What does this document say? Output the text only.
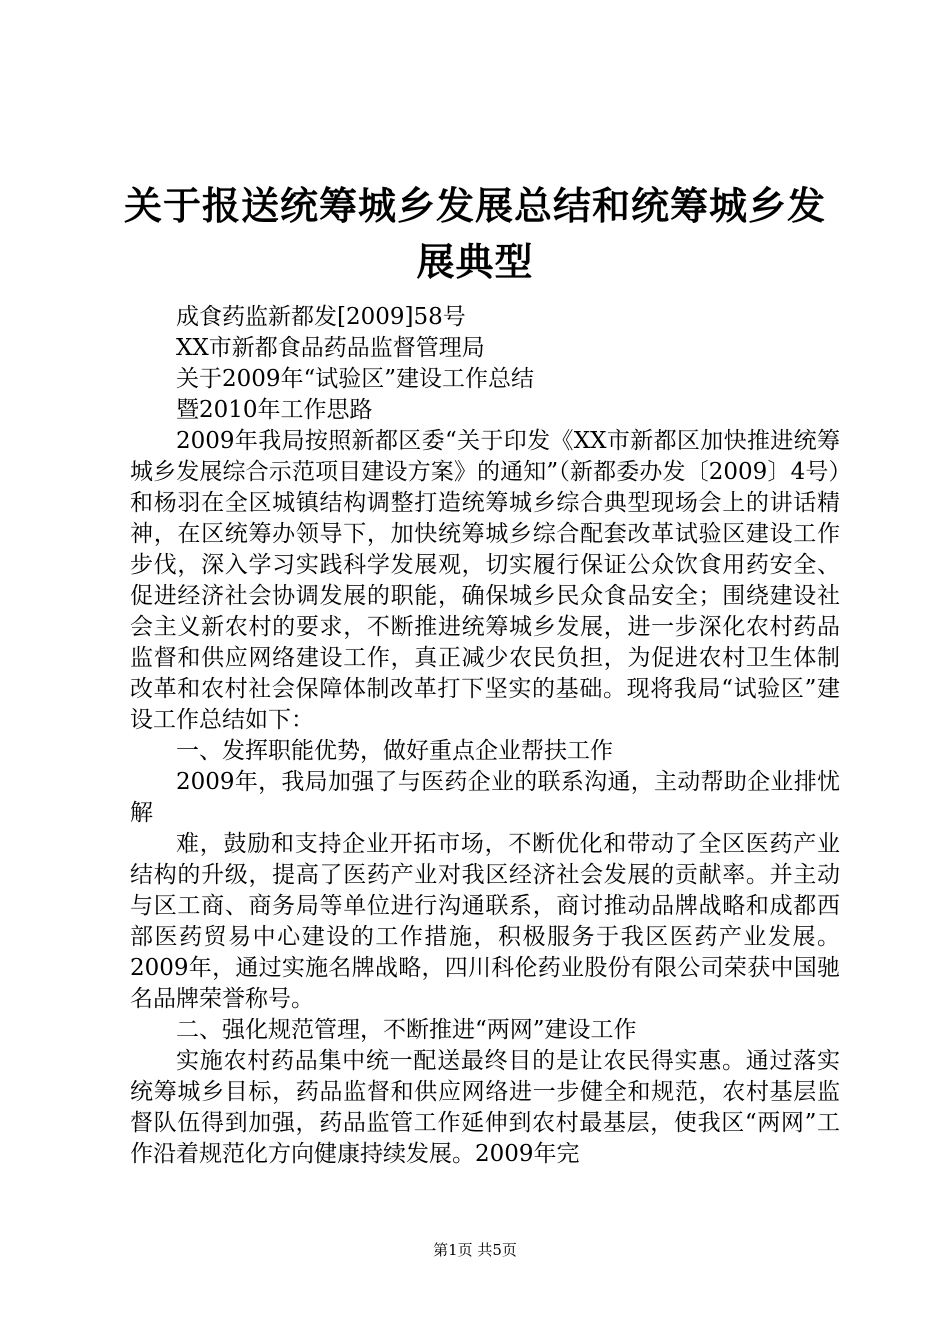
关于报送统筹城乡发展总结和统筹城乡发展典型

成食药监新都发[2009]58号

XX市新都食品药品监督管理局

关于2009年“试验区”建设工作总结

暨2010年工作思路

2009年我局按照新都区委“关于印发《XX市新都区加快推进统筹城乡发展综合示范项目建设方案》的通知”（新都委办发〔2009〕4号）和杨羽在全区城镇结构调整打造统筹城乡综合典型现场会上的讲话精神，在区统筹办领导下，加快统筹城乡综合配套改革试验区建设工作步伐，深入学习实践科学发展观，切实履行保证公众饮食用药安全、促进经济社会协调发展的职能，确保城乡民众食品安全；围绕建设社会主义新农村的要求，不断推进统筹城乡发展，进一步深化农村药品监督和供应网络建设工作，真正减少农民负担，为促进农村卫生体制改革和农村社会保障体制改革打下坚实的基础。现将我局“试验区”建设工作总结如下：

一、发挥职能优势，做好重点企业帮扶工作

2009年，我局加强了与医药企业的联系沟通，主动帮助企业排忧解

难，鼓励和支持企业开拓市场，不断优化和带动了全区医药产业结构的升级，提高了医药产业对我区经济社会发展的贡献率。并主动与区工商、商务局等单位进行沟通联系，商讨推动品牌战略和成都西部医药贸易中心建设的工作措施，积极服务于我区医药产业发展。2009年，通过实施名牌战略，四川科伦药业股份有限公司荣获中国驰名品牌荣誉称号。

二、强化规范管理，不断推进“两网”建设工作

实施农村药品集中统一配送最终目的是让农民得实惠。通过落实统筹城乡目标，药品监督和供应网络进一步健全和规范，农村基层监督队伍得到加强，药品监管工作延伸到农村最基层，使我区“两网”工作沿着规范化方向健康持续发展。2009年完

第1页 共5页
